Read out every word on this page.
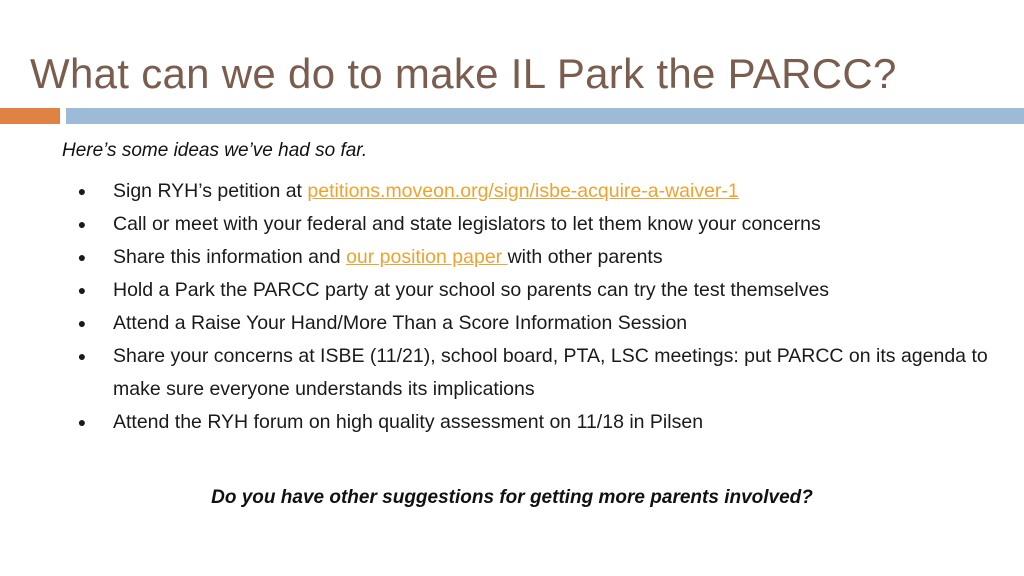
What can we do to make IL Park the PARCC?
Here’s some ideas we’ve had so far.
● Sign RYH’s petition at petitions.moveon.org/sign/isbe-acquire-a-waiver-1
● Call or meet with your federal and state legislators to let them know your concerns
● Share this information and our position paper with other parents
● Hold a Park the PARCC party at your school so parents can try the test themselves
● Attend a Raise Your Hand/More Than a Score Information Session
● Share your concerns at ISBE (11/21), school board, PTA, LSC meetings: put PARCC on its agenda to make sure everyone understands its implications
● Attend the RYH forum on high quality assessment on 11/18 in Pilsen
Do you have other suggestions for getting more parents involved?
